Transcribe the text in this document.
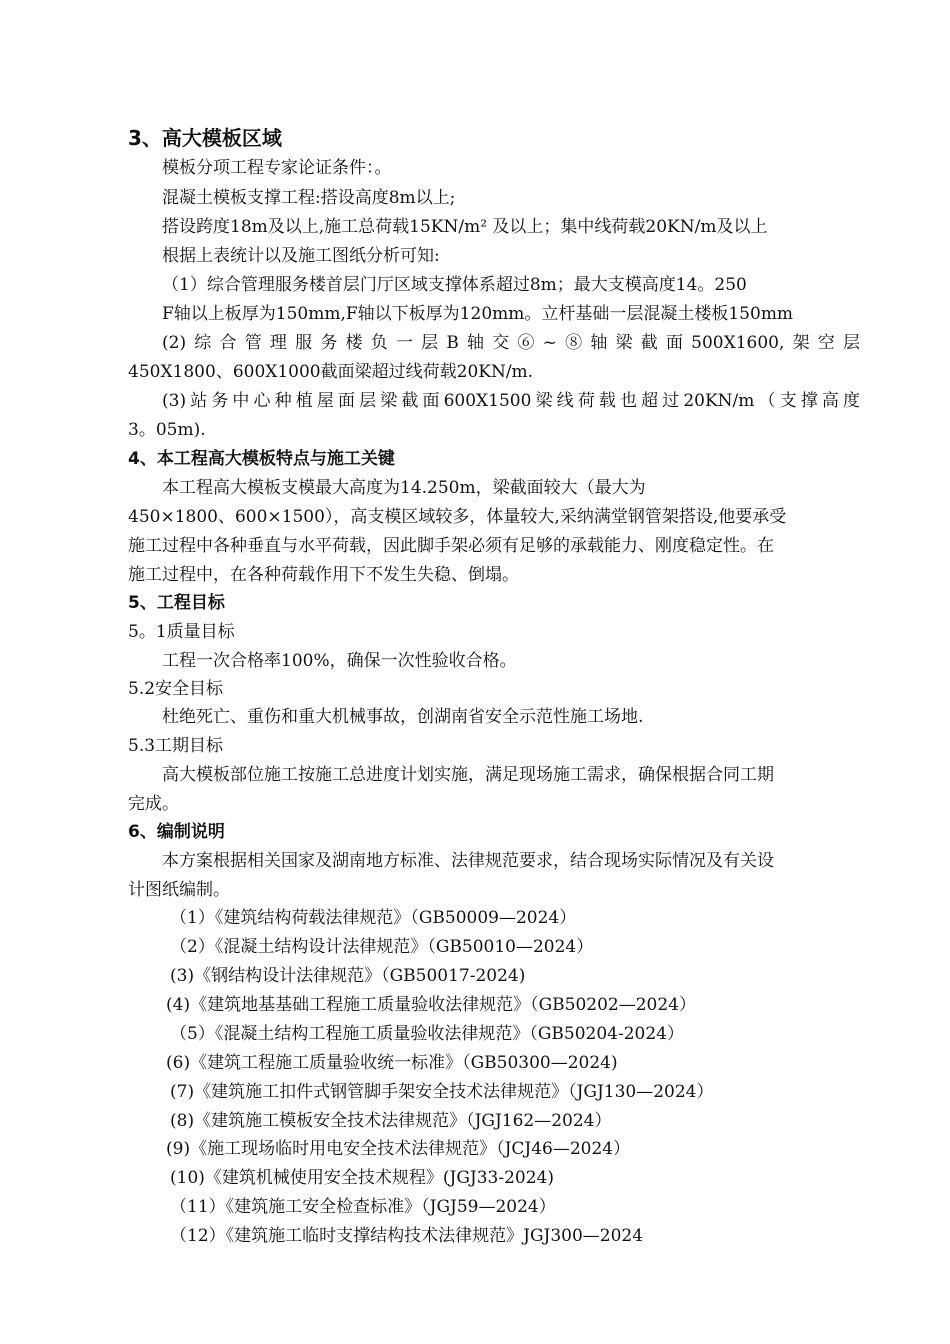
3、高大模板区域
模板分项工程专家论证条件：。
混凝土模板支撑工程:搭设高度8m以上;
搭设跨度18m及以上,施工总荷载15KN/m² 及以上；集中线荷载20KN/m及以上
根据上表统计以及施工图纸分析可知:
（1）综合管理服务楼首层门厅区域支撑体系超过8m；最大支模高度14。250
F轴以上板厚为150mm,F轴以下板厚为120mm。立杆基础一层混凝土楼板150mm
(2)综合管理服务楼负一层B轴交⑥~⑧轴梁截面500X1600,架空层
450X1800、600X1000截面梁超过线荷载20KN/m.
(3)站务中心种植屋面层梁截面600X1500梁线荷载也超过20KN/m（支撑高度
3。05m).
4、本工程高大模板特点与施工关键
本工程高大模板支模最大高度为14.250m，梁截面较大（最大为
450×1800、600×1500），高支模区域较多，体量较大,采纳满堂钢管架搭设,他要承受
施工过程中各种垂直与水平荷载，因此脚手架必须有足够的承载能力、刚度稳定性。在
施工过程中，在各种荷载作用下不发生失稳、倒塌。
5、工程目标
5。1质量目标
工程一次合格率100%，确保一次性验收合格。
5.2安全目标
杜绝死亡、重伤和重大机械事故，创湖南省安全示范性施工场地.
5.3工期目标
高大模板部位施工按施工总进度计划实施，满足现场施工需求，确保根据合同工期
完成。
6、编制说明
本方案根据相关国家及湖南地方标准、法律规范要求，结合现场实际情况及有关设
计图纸编制。
（1）《建筑结构荷载法律规范》（GB50009—2024）
（2）《混凝土结构设计法律规范》（GB50010—2024）
(3)《钢结构设计法律规范》（GB50017-2024)
(4)《建筑地基基础工程施工质量验收法律规范》（GB50202—2024）
（5）《混凝土结构工程施工质量验收法律规范》（GB50204-2024）
(6)《建筑工程施工质量验收统一标准》（GB50300—2024)
(7)《建筑施工扣件式钢管脚手架安全技术法律规范》（JGJ130—2024）
(8)《建筑施工模板安全技术法律规范》（JGJ162—2024）
(9)《施工现场临时用电安全技术法律规范》（JCJ46—2024）
(10)《建筑机械使用安全技术规程》(JGJ33-2024)
（11）《建筑施工安全检查标准》（JGJ59—2024）
（12）《建筑施工临时支撑结构技术法律规范》JGJ300—2024
